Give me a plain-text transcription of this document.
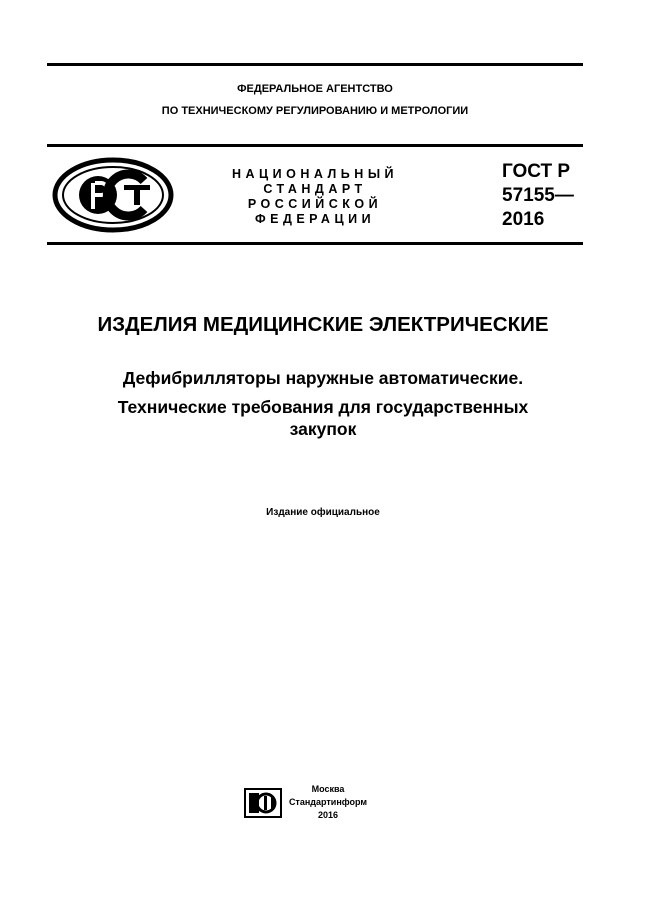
ФЕДЕРАЛЬНОЕ АГЕНТСТВО
ПО ТЕХНИЧЕСКОМУ РЕГУЛИРОВАНИЮ И МЕТРОЛОГИИ
НАЦИОНАЛЬНЫЙ
СТАНДАРТ
РОССИЙСКОЙ
ФЕДЕРАЦИИ
ГОСТ Р
57155—
2016
ИЗДЕЛИЯ МЕДИЦИНСКИЕ ЭЛЕКТРИЧЕСКИЕ
Дефибрилляторы наружные автоматические.
Технические требования для государственных
закупок
Издание официальное
Москва
Стандартинформ
2016
